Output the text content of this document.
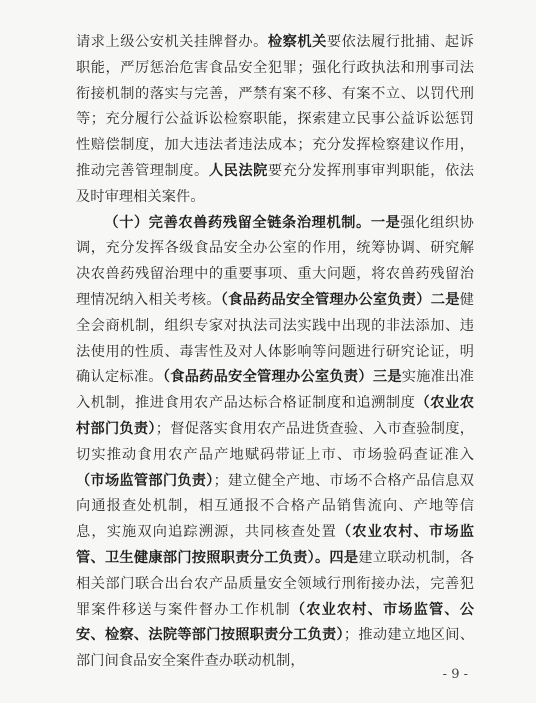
请求上级公安机关挂牌督办。检察机关要依法履行批捕、起诉职能，严厉惩治危害食品安全犯罪；强化行政执法和刑事司法衔接机制的落实与完善，严禁有案不移、有案不立、以罚代刑等；充分履行公益诉讼检察职能，探索建立民事公益诉讼惩罚性赔偿制度，加大违法者违法成本；充分发挥检察建议作用，推动完善管理制度。人民法院要充分发挥刑事审判职能，依法及时审理相关案件。

（十）完善农兽药残留全链条治理机制。一是强化组织协调，充分发挥各级食品安全办公室的作用，统筹协调、研究解决农兽药残留治理中的重要事项、重大问题，将农兽药残留治理情况纳入相关考核。（食品药品安全管理办公室负责）二是健全会商机制，组织专家对执法司法实践中出现的非法添加、违法使用的性质、毒害性及对人体影响等问题进行研究论证，明确认定标准。（食品药品安全管理办公室负责）三是实施准出准入机制，推进食用农产品达标合格证制度和追溯制度（农业农村部门负责）；督促落实食用农产品进货查验、入市查验制度，切实推动食用农产品产地赋码带证上市、市场验码查证准入（市场监管部门负责）；建立健全产地、市场不合格产品信息双向通报查处机制，相互通报不合格产品销售流向、产地等信息，实施双向追踪溯源，共同核查处置（农业农村、市场监管、卫生健康部门按照职责分工负责）。四是建立联动机制，各相关部门联合出台农产品质量安全领域行刑衔接办法，完善犯罪案件移送与案件督办工作机制（农业农村、市场监管、公安、检察、法院等部门按照职责分工负责）；推动建立地区间、部门间食品安全案件查办联动机制，

- 9 -
